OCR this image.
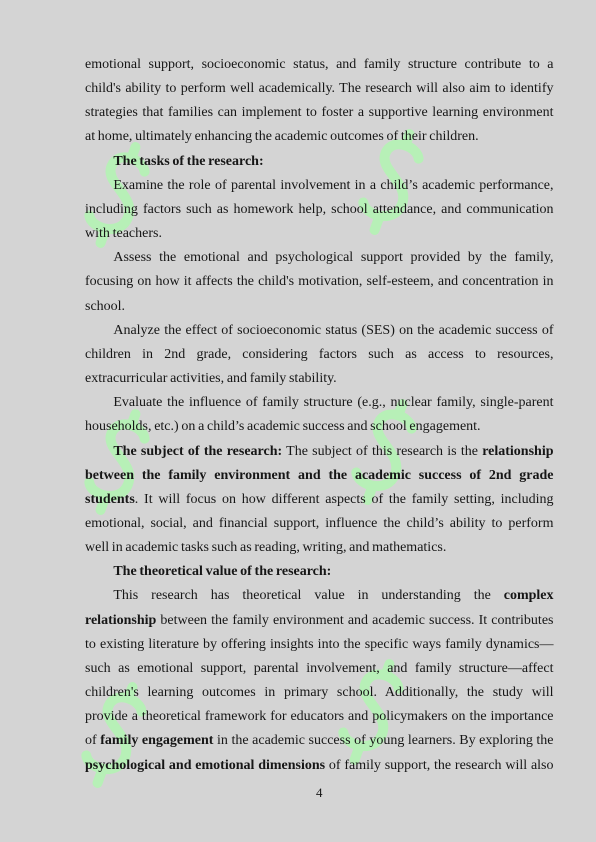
emotional support, socioeconomic status, and family structure contribute to a
child's ability to perform well academically. The research will also aim to identify
strategies that families can implement to foster a supportive learning environment
at home, ultimately enhancing the academic outcomes of their children.
The tasks of the research:
Examine the role of parental involvement in a child’s academic performance,
including factors such as homework help, school attendance, and communication
with teachers.
Assess the emotional and psychological support provided by the family,
focusing on how it affects the child's motivation, self-esteem, and concentration in
school.
Analyze the effect of socioeconomic status (SES) on the academic success of
children in 2nd grade, considering factors such as access to resources,
extracurricular activities, and family stability.
Evaluate the influence of family structure (e.g., nuclear family, single-parent
households, etc.) on a child’s academic success and school engagement.
The subject of the research: The subject of this research is the relationship
between the family environment and the academic success of 2nd grade
students. It will focus on how different aspects of the family setting, including
emotional, social, and financial support, influence the child’s ability to perform
well in academic tasks such as reading, writing, and mathematics.
The theoretical value of the research:
This research has theoretical value in understanding the complex
relationship between the family environment and academic success. It contributes
to existing literature by offering insights into the specific ways family dynamics—
such as emotional support, parental involvement, and family structure—affect
children's learning outcomes in primary school. Additionally, the study will
provide a theoretical framework for educators and policymakers on the importance
of family engagement in the academic success of young learners. By exploring the
psychological and emotional dimensions of family support, the research will also
4
